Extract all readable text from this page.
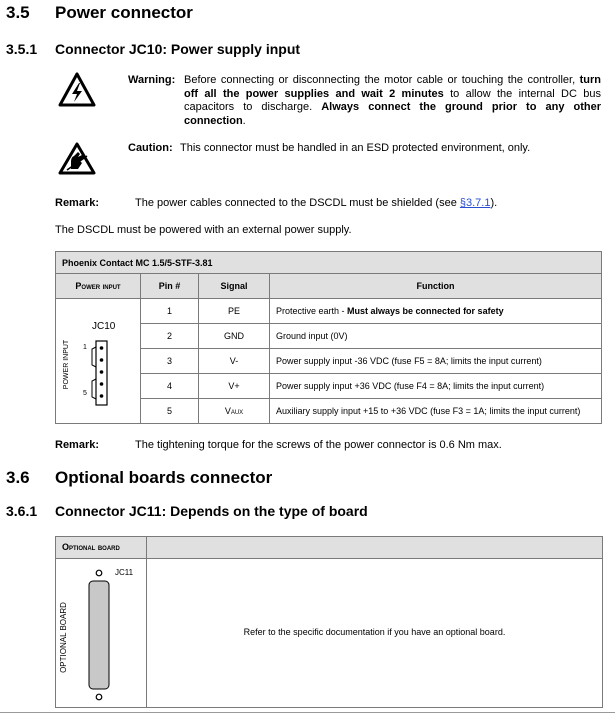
3.5 Power connector
3.5.1 Connector JC10: Power supply input
Warning: Before connecting or disconnecting the motor cable or touching the controller, turn off all the power supplies and wait 2 minutes to allow the internal DC bus capacitors to discharge. Always connect the ground prior to any other connection.
Caution: This connector must be handled in an ESD protected environment, only.
Remark:	The power cables connected to the DSCDL must be shielded (see §3.7.1).
The DSCDL must be powered with an external power supply.
Phoenix Contact MC 1.5/5-STF-3.81			
Power input	Pin #	Signal	Function

JC10
POWER INPUT 1
5	1	PE	Protective earth - Must always be connected for safety
	2	GND	Ground input (0V)
	3	V-	Power supply input -36 VDC (fuse F5 = 8A; limits the input current)
	4	V+	Power supply input +36 VDC (fuse F4 = 8A; limits the input current)
	5	Vaux	Auxiliary supply input +15 to +36 VDC (fuse F3 = 1A; limits the input current)
Remark:	The tightening torque for the screws of the power connector is 0.6 Nm max.
3.6 Optional boards connector
3.6.1 Connector JC11: Depends on the type of board
Optional board
JC11
OPTIONAL BOARD	Refer to the specific documentation if you have an optional board.
